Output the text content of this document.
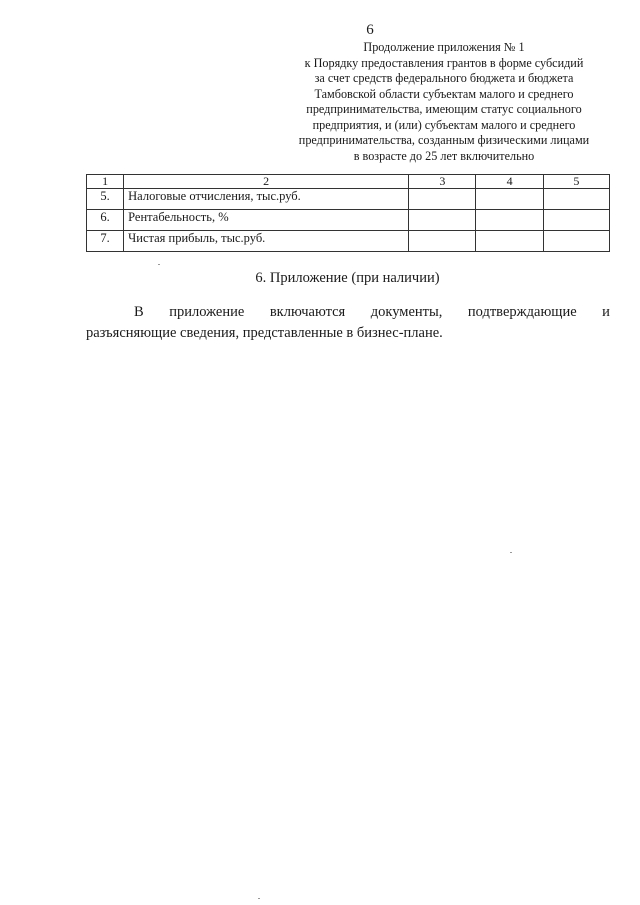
6
Продолжение приложения № 1
к Порядку предоставления грантов в форме субсидий
за счет средств федерального бюджета и бюджета
Тамбовской области субъектам малого и среднего
предпринимательства, имеющим статус социального
предприятия, и (или) субъектам малого и среднего
предпринимательства, созданным физическими лицами
в возрасте до 25 лет включительно
1	2	3	4	5
5.	Налоговые отчисления, тыс.руб.			
6.	Рентабельность, %			
7.	Чистая прибыль, тыс.руб.			
6. Приложение (при наличии)
В приложение включаются документы, подтверждающие и
разъясняющие сведения, представленные в бизнес-плане.
